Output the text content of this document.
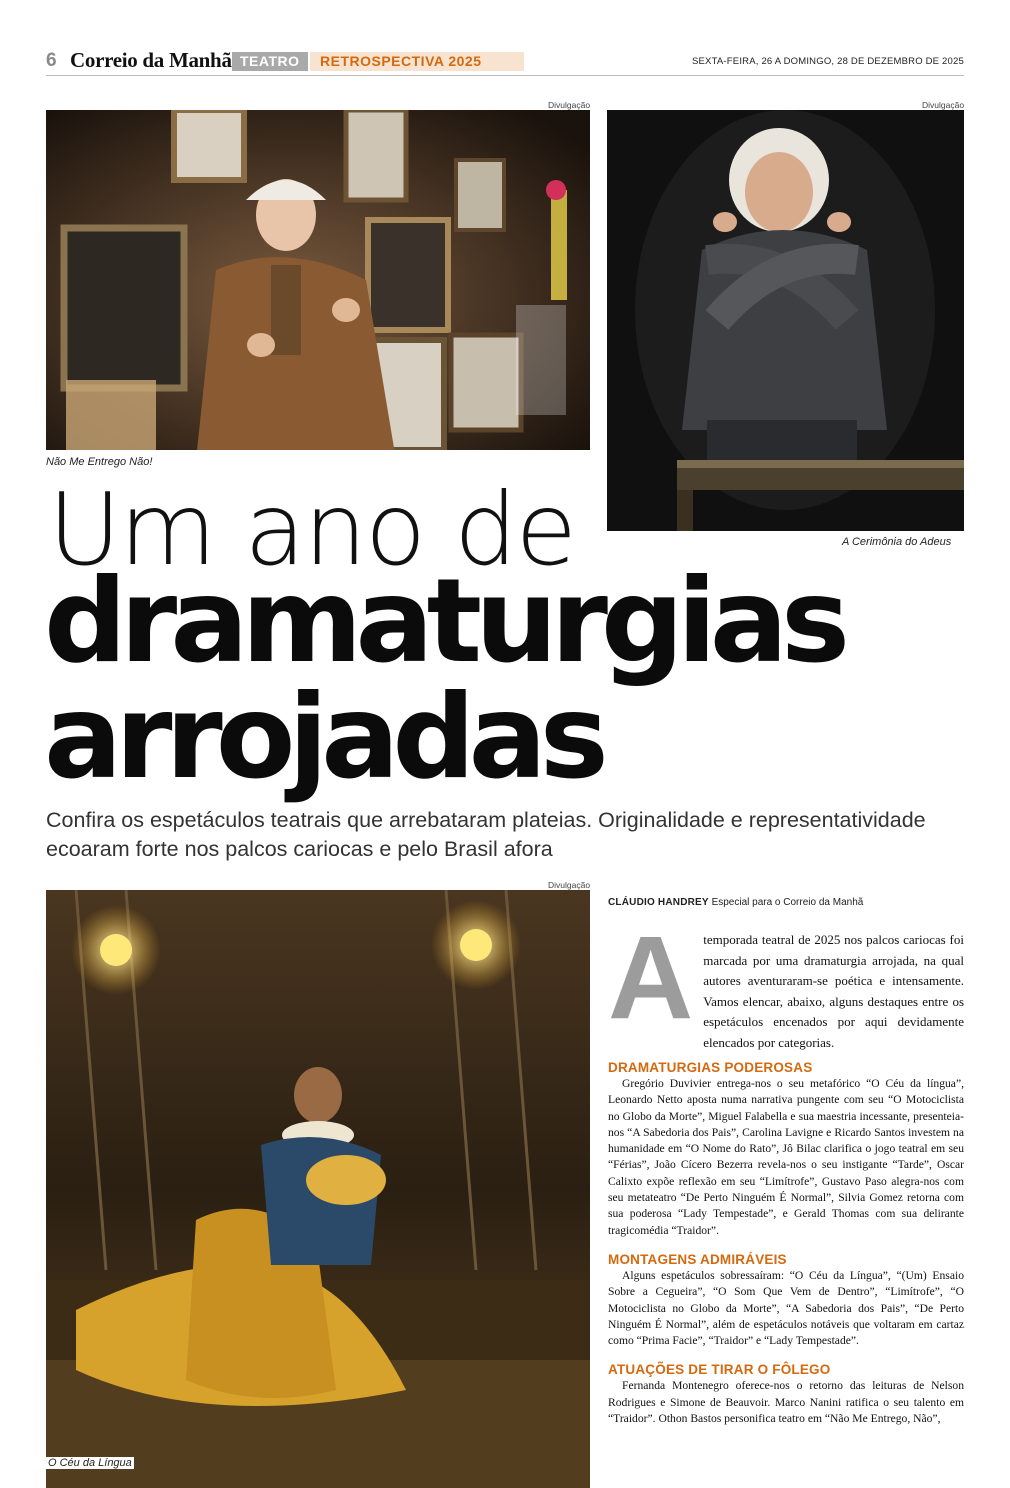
6 Correio da Manhã TEATRO	RETROSPECTIVA 2025	SEXTA-FEIRA, 26 A DOMINGO, 28 DE DEZEMBRO DE 2025
Divulgação
Não Me Entrego Não!
Divulgação
A Cerimônia do Adeus
Um ano de
dramaturgias
arrojadas
Confira os espetáculos teatrais que arrebataram plateias. Originalidade e representatividade ecoaram forte nos palcos cariocas e pelo Brasil afora
Divulgação
O Céu da Língua
CLÁUDIO HANDREY Especial para o Correio da Manhã
A temporada teatral de 2025 nos palcos cariocas foi marcada por uma dramaturgia arrojada, na qual autores aventuraram-se poética e intensamente. Vamos elencar, abaixo, alguns destaques entre os espetáculos encenados por aqui devidamente elencados por categorias.

DRAMATURGIAS PODEROSAS

Gregório Duvivier entrega-nos o seu metafórico “O Céu da língua”, Leonardo Netto aposta numa narrativa pungente com seu “O Motociclista no Globo da Morte”, Miguel Falabella e sua maestria incessante, presenteia-nos “A Sabedoria dos Pais”, Carolina Lavigne e Ricardo Santos investem na humanidade em “O Nome do Rato”, Jô Bilac clarifica o jogo teatral em seu “Férias”, João Cícero Bezerra revela-nos o seu instigante “Tarde”, Oscar Calixto expõe reflexão em seu “Limítrofe”, Gustavo Paso alegra-nos com seu metateatro “De Perto Ninguém É Normal”, Silvia Gomez retorna com sua poderosa “Lady Tempestade”, e Gerald Thomas com sua delirante tragicomédia “Traidor”.

MONTAGENS ADMIRÁVEIS

Alguns espetáculos sobressaíram: “O Céu da Língua”, “(Um) Ensaio Sobre a Cegueira”, “O Som Que Vem de Dentro”, “Limítrofe”, “O Motociclista no Globo da Morte”, “A Sabedoria dos Pais”, “De Perto Ninguém É Normal”, além de espetáculos notáveis que voltaram em cartaz como “Prima Facie”, “Traidor” e “Lady Tempestade”.

ATUAÇÕES DE TIRAR O FÔLEGO

Fernanda Montenegro oferece-nos o retorno das leituras de Nelson Rodrigues e Simone de Beauvoir. Marco Nanini ratifica o seu talento em “Traidor”. Othon Bastos personifica teatro em “Não Me Entrego, Não”,
